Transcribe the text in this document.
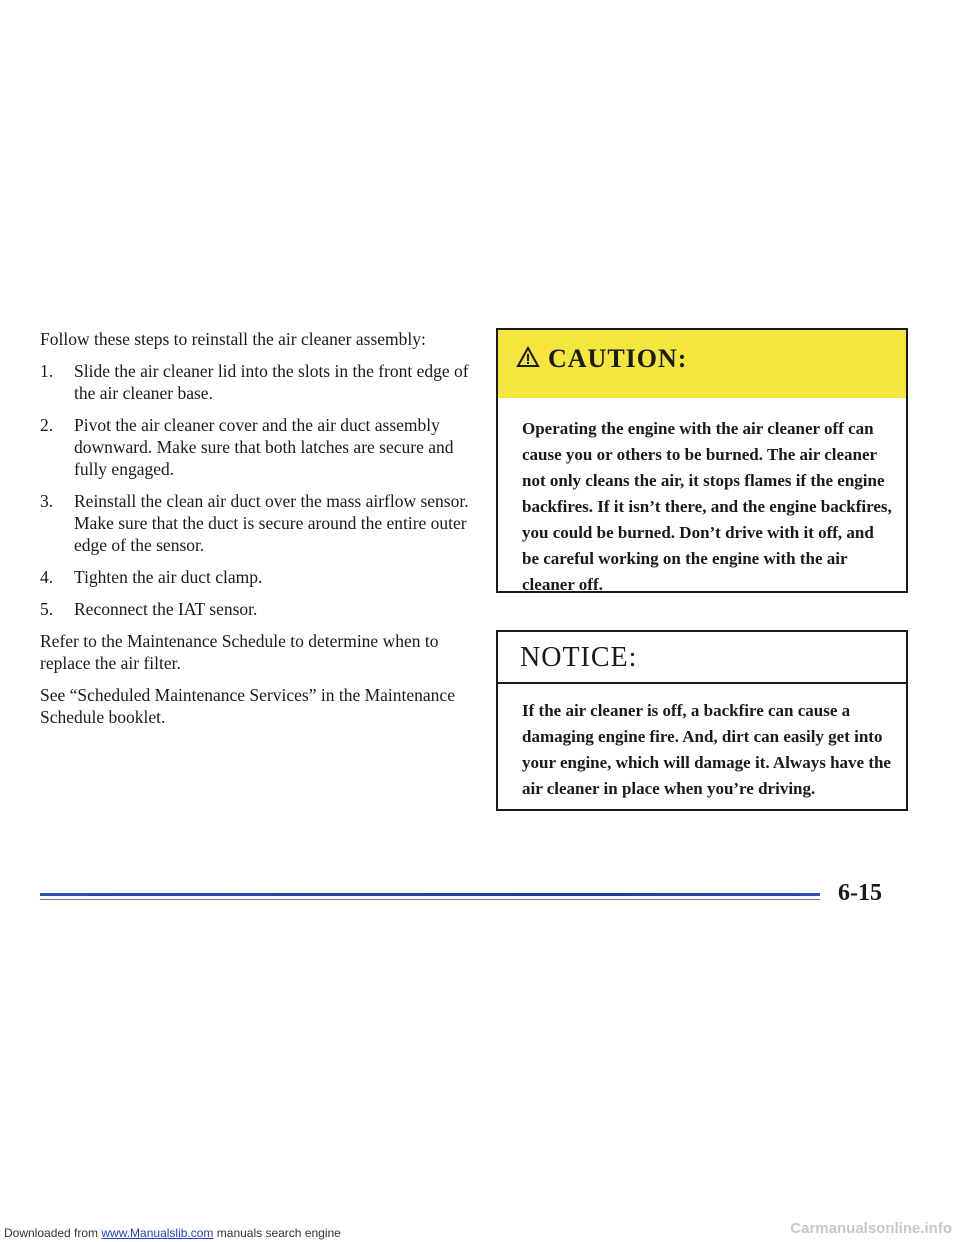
Follow these steps to reinstall the air cleaner assembly:

1.	Slide the air cleaner lid into the slots in the front edge of the air cleaner base.
2.	Pivot the air cleaner cover and the air duct assembly downward. Make sure that both latches are secure and fully engaged.
3.	Reinstall the clean air duct over the mass airflow sensor. Make sure that the duct is secure around the entire outer edge of the sensor.
4.	Tighten the air duct clamp.
5.	Reconnect the IAT sensor.

Refer to the Maintenance Schedule to determine when to replace the air filter.

See “Scheduled Maintenance Services” in the Maintenance Schedule booklet.

CAUTION:
Operating the engine with the air cleaner off can cause you or others to be burned. The air cleaner not only cleans the air, it stops flames if the engine backfires. If it isn’t there, and the engine backfires, you could be burned. Don’t drive with it off, and be careful working on the engine with the air cleaner off.
NOTICE:
If the air cleaner is off, a backfire can cause a damaging engine fire. And, dirt can easily get into your engine, which will damage it. Always have the air cleaner in place when you’re driving.
6-15
Downloaded from www.Manualslib.com manuals search engine	Carmanualsonline.info
